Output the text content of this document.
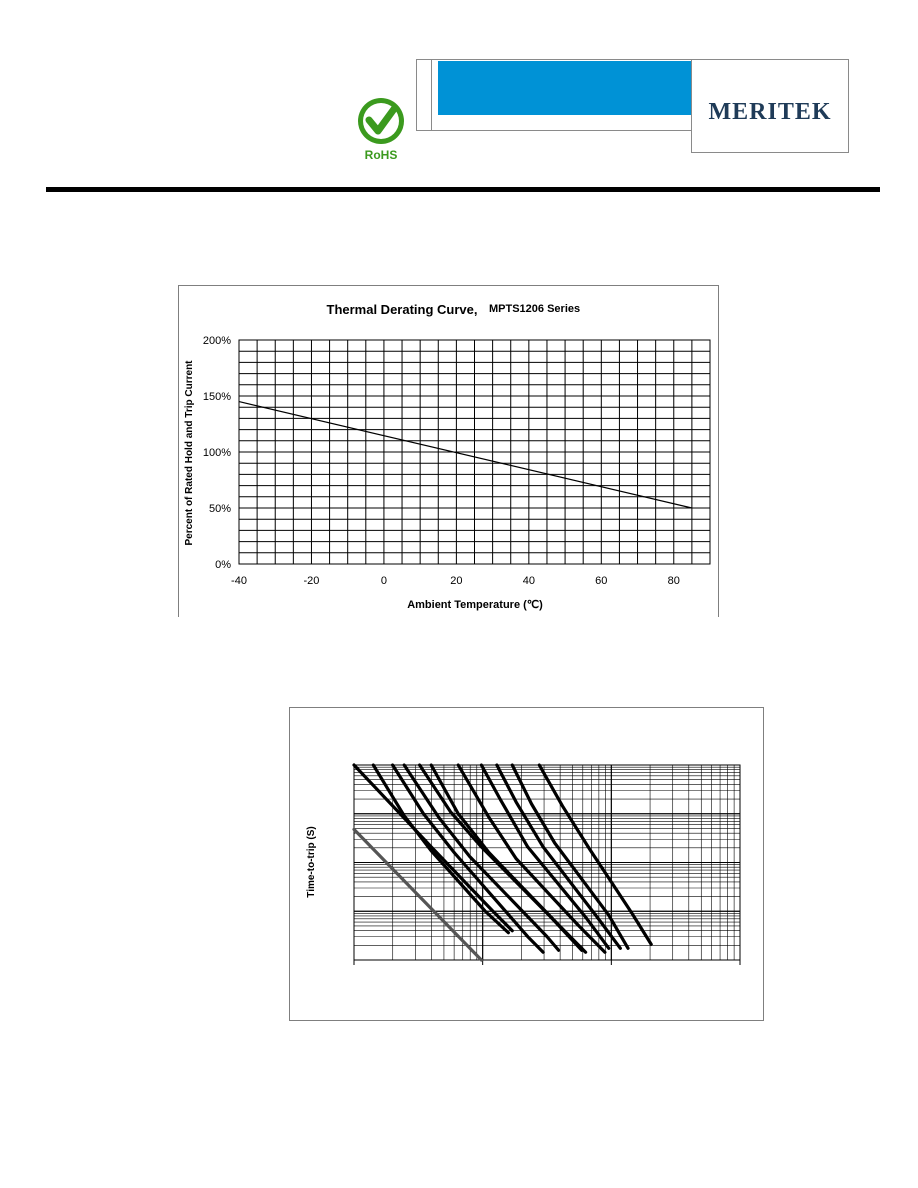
RoHS
MERITEK
Thermal Derating Curve, MPTS1206 Series
0%
50%
100%
150%
200%
-40	-20	0	20	40	60	80
Ambient Temperature (℃)
Percent of Rated Hold and Trip Current
Time-to-trip (S)
